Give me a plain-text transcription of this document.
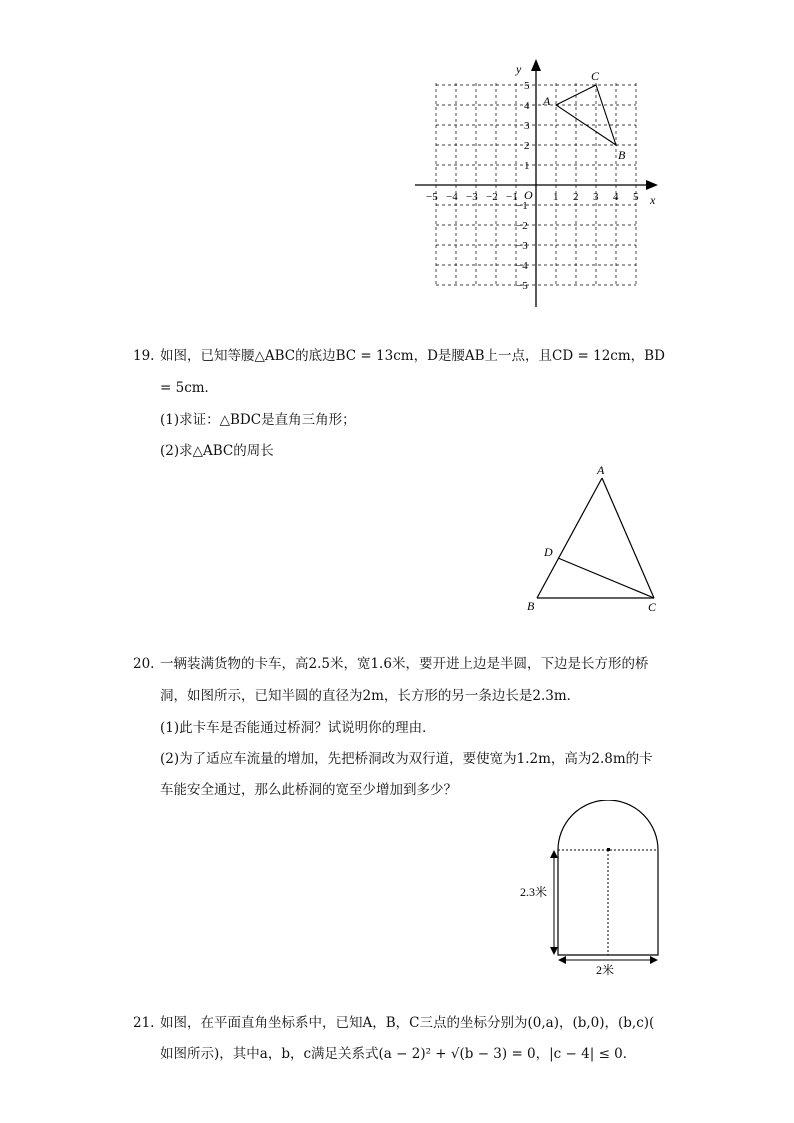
y
x
O
−5 −4 −3 −2 −1	1 2 3 4 5
5
4
3
2
1
−1
−2
−3
−4
−5
A
C
B
19. 如图，已知等腰△ABC的底边BC = 13cm，D是腰AB上一点，且CD = 12cm，BD
= 5cm．
(1)求证：△BDC是直角三角形；
(2)求△ABC的周长
A
B	C
D
20. 一辆装满货物的卡车，高2.5米，宽1.6米，要开进上边是半圆，下边是长方形的桥
洞，如图所示，已知半圆的直径为2m，长方形的另一条边长是2.3m．
(1)此卡车是否能通过桥洞？试说明你的理由．
(2)为了适应车流量的增加，先把桥洞改为双行道，要使宽为1.2m，高为2.8m的卡
车能安全通过，那么此桥洞的宽至少增加到多少？
2.3米
2米
21. 如图，在平面直角坐标系中，已知A，B，C三点的坐标分别为(0,a)，(b,0)，(b,c)(
如图所示)，其中a，b，c满足关系式(a − 2)² + √(b − 3) = 0，|c − 4| ≤ 0．
